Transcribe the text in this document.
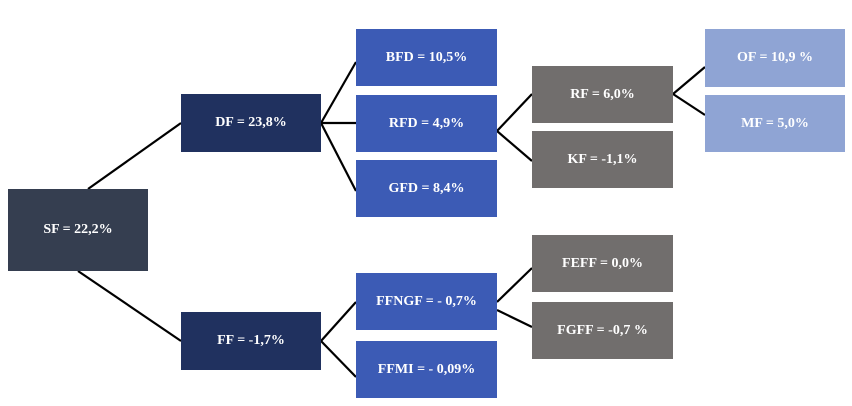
SF = 22,2%
DF = 23,8%
FF = -1,7%
BFD = 10,5%
RFD = 4,9%
GFD = 8,4%
FFNGF = - 0,7%
FFMI = - 0,09%
RF = 6,0%
KF = -1,1%
FEFF = 0,0%
FGFF = -0,7 %
OF = 10,9 %
MF = 5,0%
